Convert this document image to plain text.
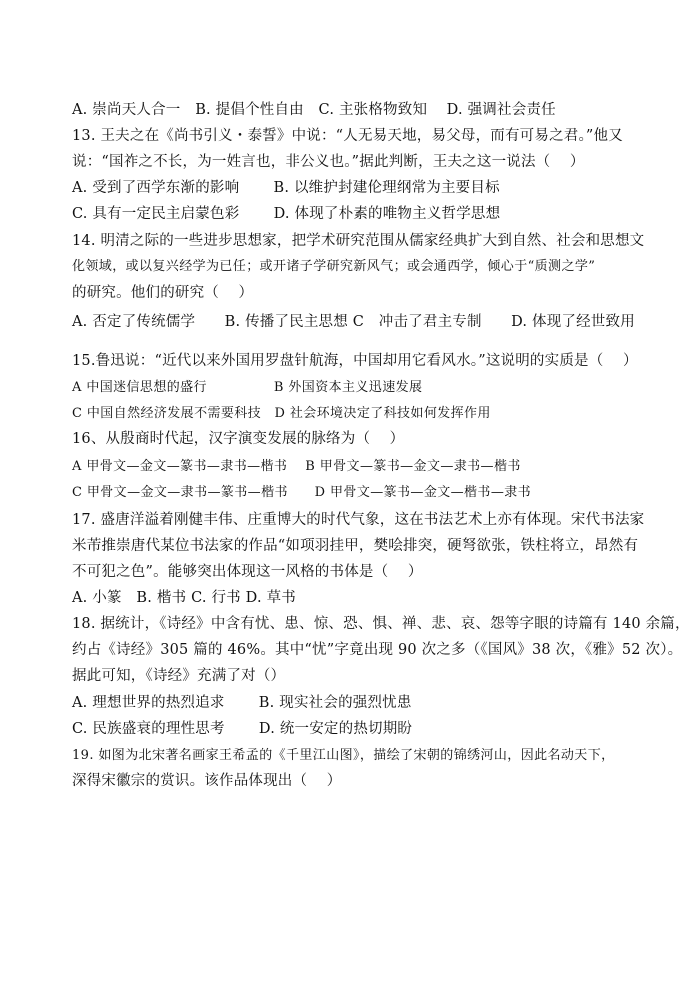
A. 崇尚天人合一　B. 提倡个性自由　C. 主张格物致知　 D. 强调社会责任
13. 王夫之在《尚书引义・泰誓》中说：“人无易天地，易父母，而有可易之君。”他又
说：“国祚之不长，为一姓言也，非公义也。”据此判断，王夫之这一说法（　 ）
A. 受到了西学东渐的影响　　 B. 以维护封建伦理纲常为主要目标
C. 具有一定民主启蒙色彩　　 D. 体现了朴素的唯物主义哲学思想
14. 明清之际的一些进步思想家，把学术研究范围从儒家经典扩大到自然、社会和思想文
化领域，或以复兴经学为已任；或开诸子学研究新风气；或会通西学，倾心于“质测之学”
的研究。他们的研究（　 ）
A. 否定了传统儒学　　B. 传播了民主思想 C　冲击了君主专制　　D. 体现了经世致用
15.鲁迅说：“近代以来外国用罗盘针航海，中国却用它看风水。”这说明的实质是（　 ）
A 中国迷信思想的盛行　　　　　B 外国资本主义迅速发展
C 中国自然经济发展不需要科技　D 社会环境决定了科技如何发挥作用
16、从殷商时代起，汉字演变发展的脉络为（　 ）
A 甲骨文—金文—篆书—隶书—楷书　 B 甲骨文—篆书—金文—隶书—楷书
C 甲骨文—金文—隶书—篆书—楷书　　D 甲骨文—篆书—金文—楷书—隶书
17. 盛唐洋溢着刚健丰伟、庄重博大的时代气象，这在书法艺术上亦有体现。宋代书法家
米芾推崇唐代某位书法家的作品“如项羽挂甲，樊哙排突，硬弩欲张，铁柱将立，昂然有
不可犯之色”。能够突出体现这一风格的书体是（　 ）
A. 小篆　B. 楷书 C. 行书 D. 草书
18. 据统计，《诗经》中含有忧、患、惊、恐、惧、禅、悲、哀、怨等字眼的诗篇有 140 余篇，
约占《诗经》305 篇的 46%。其中“忧”字竟出现 90 次之多（《国风》38 次，《雅》52 次）。
据此可知，《诗经》充满了对（）
A. 理想世界的热烈追求　　 B. 现实社会的强烈忧患
C. 民族盛衰的理性思考　　 D. 统一安定的热切期盼
19. 如图为北宋著名画家王希孟的《千里江山图》，描绘了宋朝的锦绣河山，因此名动天下，
深得宋徽宗的赏识。该作品体现出（　 ）
